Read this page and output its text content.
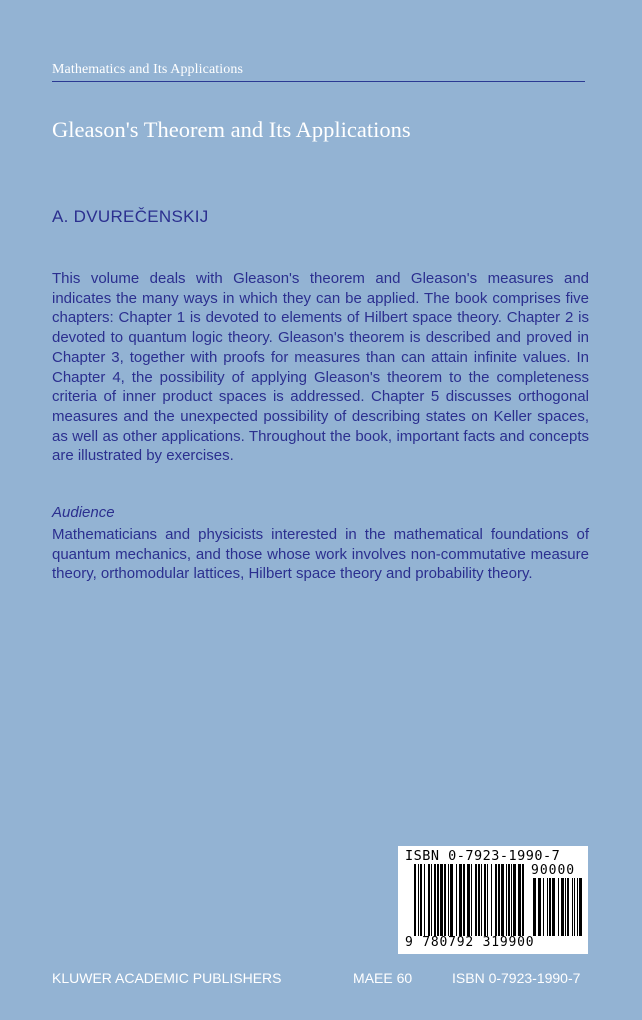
Mathematics and Its Applications
Gleason's Theorem and Its Applications
A. DVUREČENSKIJ

This volume deals with Gleason's theorem and Gleason's measures and indicates the many ways in which they can be applied. The book comprises five chapters: Chapter 1 is devoted to elements of Hilbert space theory. Chapter 2 is devoted to quantum logic theory. Gleason's theorem is described and proved in Chapter 3, together with proofs for measures than can attain infinite values. In Chapter 4, the possibility of applying Gleason's theorem to the completeness criteria of inner product spaces is addressed. Chapter 5 discusses orthogonal measures and the unexpected possibility of describing states on Keller spaces, as well as other applications. Throughout the book, important facts and concepts are illustrated by exercises.

Audience

Mathematicians and physicists interested in the mathematical foundations of quantum mechanics, and those whose work involves non-commutative measure theory, orthomodular lattices, Hilbert space theory and probability theory.

ISBN 0-7923-1990-7
90000
9 780792 319900
KLUWER ACADEMIC PUBLISHERS	MAEE 60	ISBN 0-7923-1990-7
